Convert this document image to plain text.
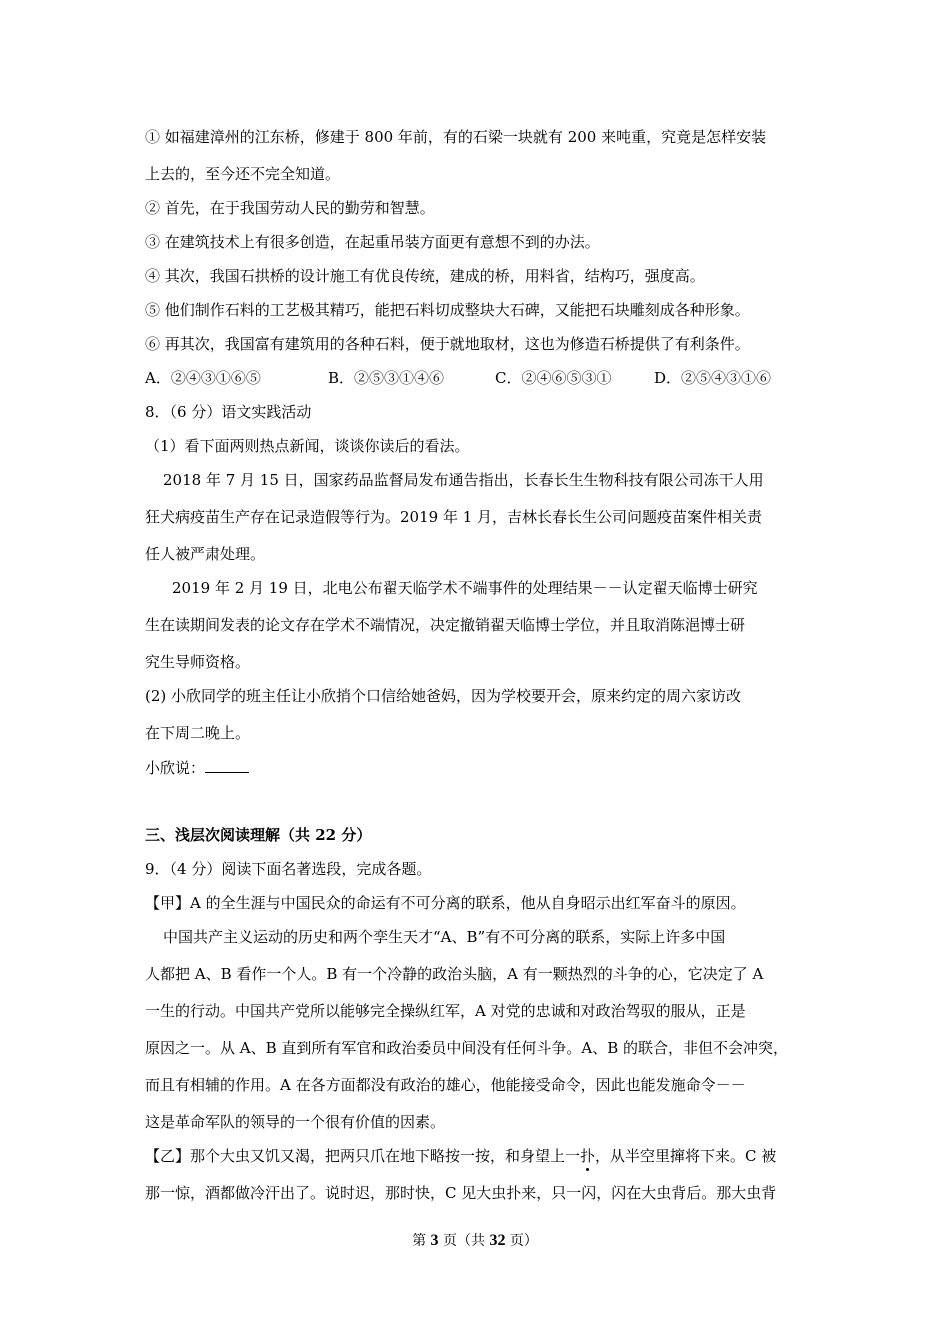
① 如福建漳州的江东桥，修建于 800 年前，有的石梁一块就有 200 来吨重，究竟是怎样安装
上去的，至今还不完全知道。
② 首先，在于我国劳动人民的勤劳和智慧。
③ 在建筑技术上有很多创造，在起重吊装方面更有意想不到的办法。
④ 其次，我国石拱桥的设计施工有优良传统，建成的桥，用料省，结构巧，强度高。
⑤ 他们制作石料的工艺极其精巧，能把石料切成整块大石碑，又能把石块雕刻成各种形象。
⑥ 再其次，我国富有建筑用的各种石料，便于就地取材，这也为修造石桥提供了有利条件。
A．②④③①⑥⑤	B．②⑤③①④⑥	C．②④⑥⑤③①	D．②⑤④③①⑥
8．（6 分）语文实践活动
（1）看下面两则热点新闻，谈谈你读后的看法。
2018 年 7 月 15 日，国家药品监督局发布通告指出，长春长生生物科技有限公司冻干人用
狂犬病疫苗生产存在记录造假等行为。2019 年 1 月，吉林长春长生公司问题疫苗案件相关责
任人被严肃处理。
2019 年 2 月 19 日，北电公布翟天临学术不端事件的处理结果－－认定翟天临博士研究
生在读期间发表的论文存在学术不端情况，决定撤销翟天临博士学位，并且取消陈浥博士研
究生导师资格。
(2) 小欣同学的班主任让小欣捎个口信给她爸妈，因为学校要开会，原来约定的周六家访改
在下周二晚上。
小欣说：
三、浅层次阅读理解（共 22 分）
9．（4 分）阅读下面名著选段，完成各题。
【甲】A 的全生涯与中国民众的命运有不可分离的联系，他从自身昭示出红军奋斗的原因。
中国共产主义运动的历史和两个孪生天才“A、B”有不可分离的联系，实际上许多中国
人都把 A、B 看作一个人。B 有一个冷静的政治头脑，A 有一颗热烈的斗争的心，它决定了 A
一生的行动。中国共产党所以能够完全操纵红军，A 对党的忠诚和对政治驾驭的服从，正是
原因之一。从 A、B 直到所有军官和政治委员中间没有任何斗争。A、B 的联合，非但不会冲突，
而且有相辅的作用。A 在各方面都没有政治的雄心，他能接受命令，因此也能发施命令－－
这是革命军队的领导的一个很有价值的因素。
【乙】那个大虫又饥又渴，把两只爪在地下略按一按，和身望上一扑，从半空里撺将下来。C 被
那一惊，酒都做冷汗出了。说时迟，那时快，C 见大虫扑来，只一闪，闪在大虫背后。那大虫背
第 3 页（共 32 页）
